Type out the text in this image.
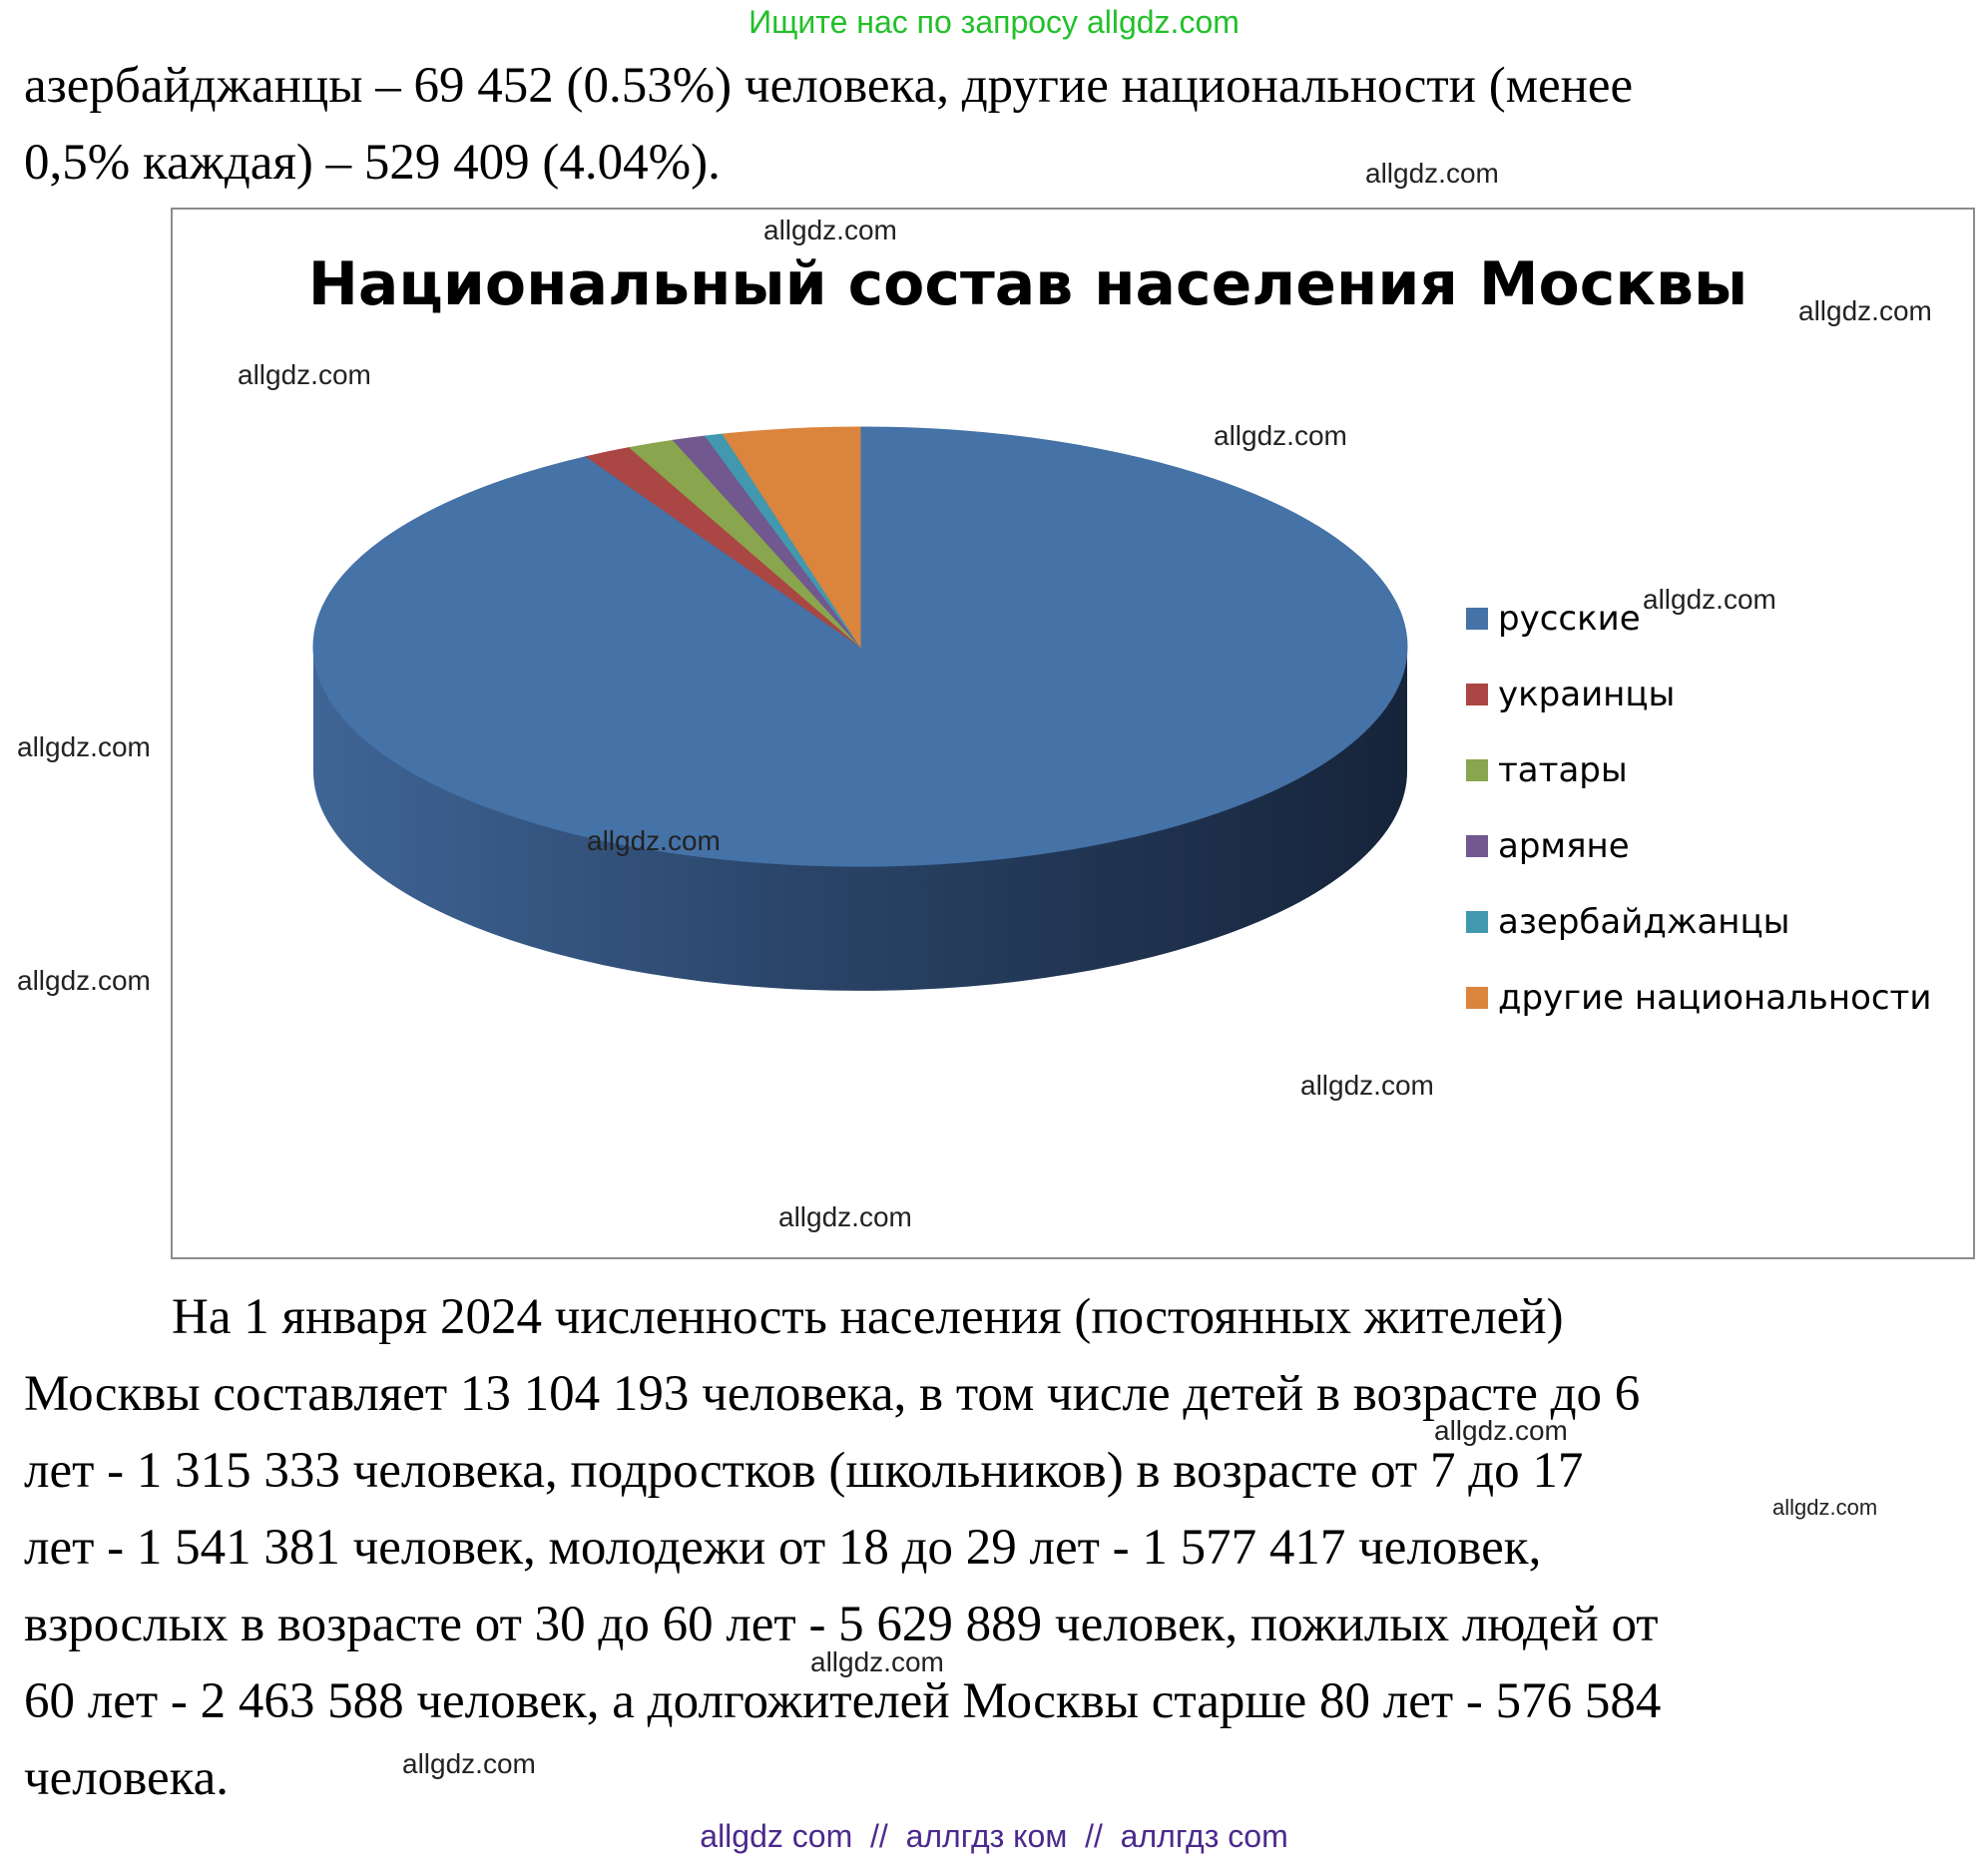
Ищите нас по запросу allgdz.com
азербайджанцы – 69 452 (0.53%) человека, другие национальности (менее
0,5% каждая) – 529 409 (4.04%).
Национальный состав населения Москвы
русские
украинцы
татары
армяне
азербайджанцы
другие национальности
На 1 января 2024 численность населения (постоянных жителей)
Москвы составляет 13 104 193 человека, в том числе детей в возрасте до 6
лет - 1 315 333 человека, подростков (школьников) в возрасте от 7 до 17
лет - 1 541 381 человек, молодежи от 18 до 29 лет - 1 577 417 человек,
взрослых в возрасте от 30 до 60 лет - 5 629 889 человек, пожилых людей от
60 лет - 2 463 588 человек, а долгожителей Москвы старше 80 лет - 576 584
человека.
allgdz.com
allgdz.com
allgdz.com
allgdz.com
allgdz.com
allgdz.com
allgdz.com
allgdz.com
allgdz.com
allgdz.com
allgdz.com
allgdz.com
allgdz.com
allgdz.com
allgdz.com
allgdz com  //  аллгдз ком  //  аллгдз com
